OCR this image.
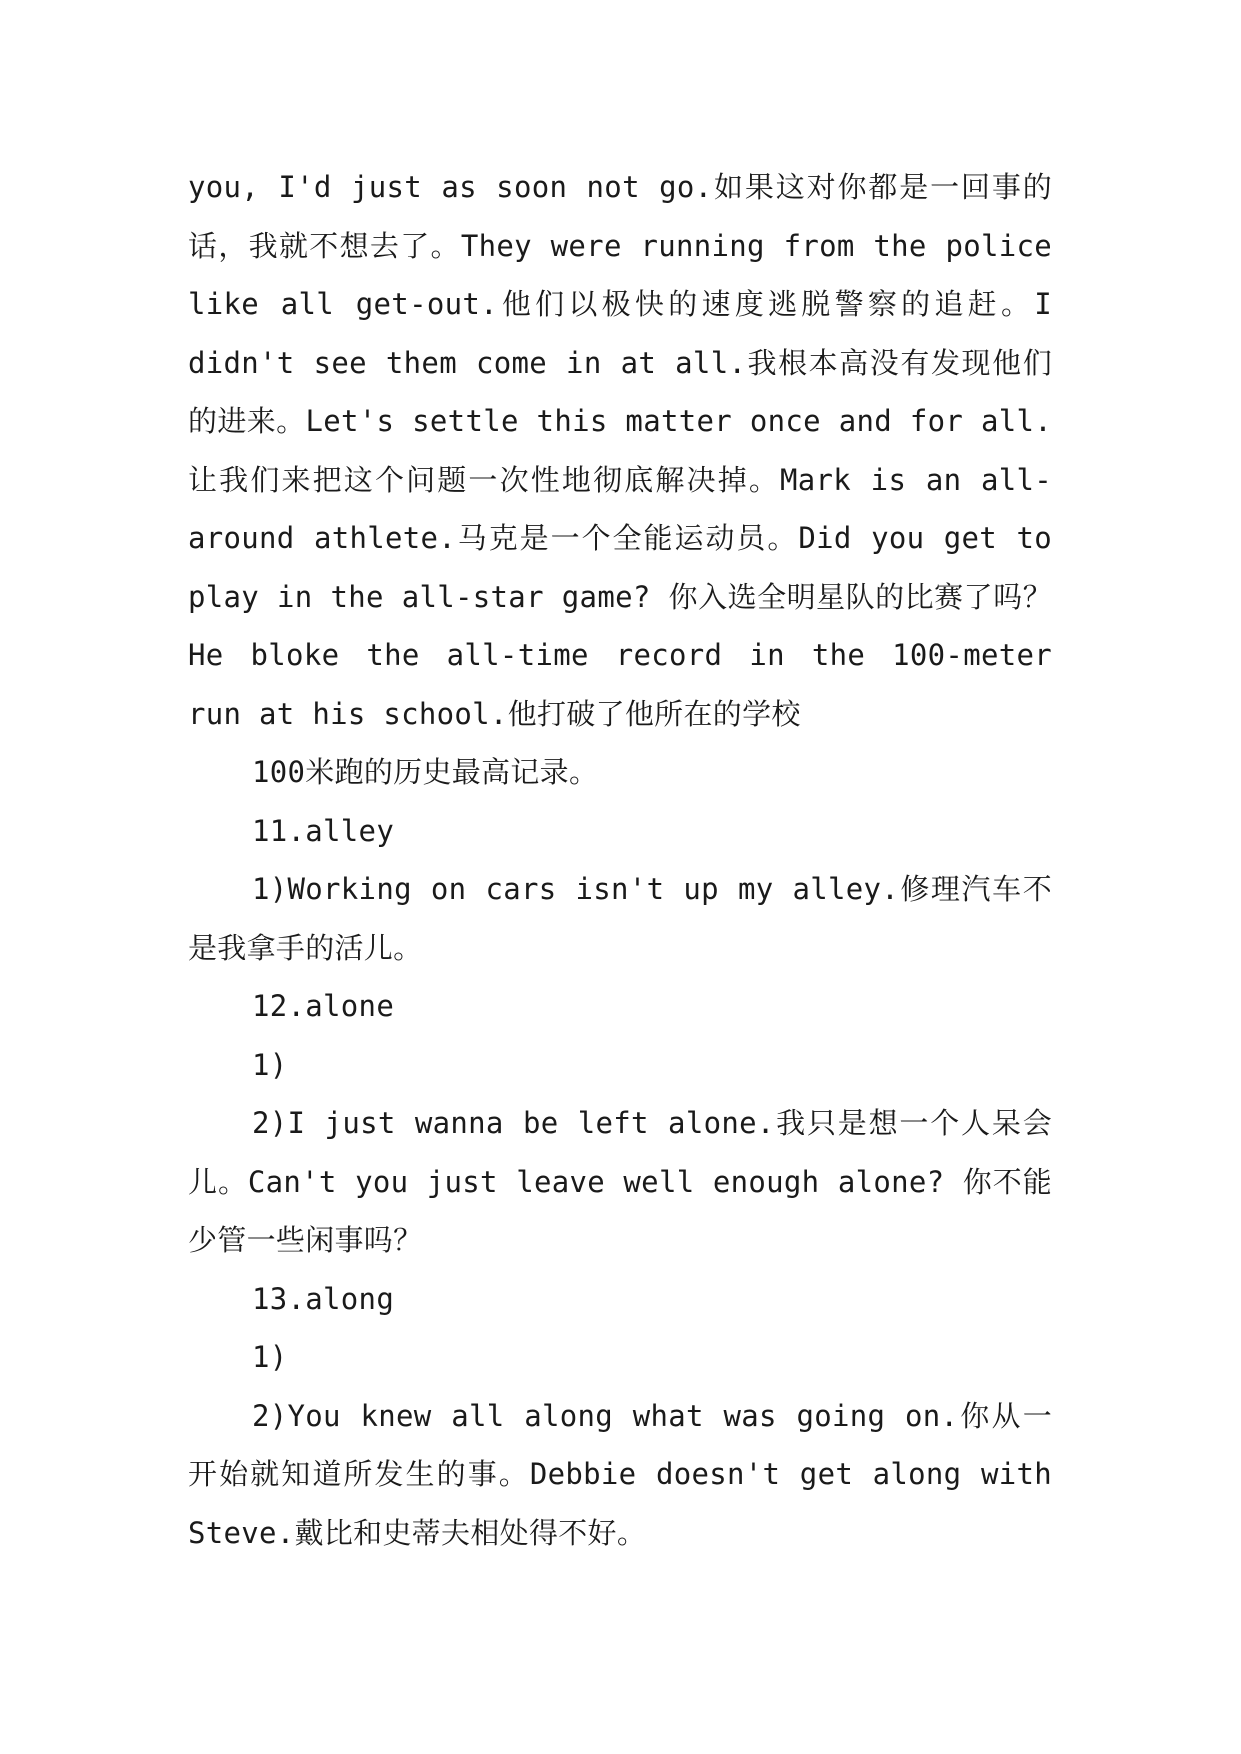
you, I'd just as soon not go.如果这对你都是一回事的话，我就不想去了。They were running from the police like all get-out.他们以极快的速度逃脱警察的追赶。I didn't see them come in at all.我根本高没有发现他们的进来。Let's settle this matter once and for all.让我们来把这个问题一次性地彻底解决掉。Mark is an all-around athlete.马克是一个全能运动员。Did you get to play in the all-star game? 你入选全明星队的比赛了吗？He bloke the all-time record in the 100-meter run at his school.他打破了他所在的学校

100米跑的历史最高记录。

11.alley

1)Working on cars isn't up my alley.修理汽车不是我拿手的活儿。

12.alone

1)

2)I just wanna be left alone.我只是想一个人呆会儿。Can't you just leave well enough alone? 你不能少管一些闲事吗？

13.along

1)

2)You knew all along what was going on.你从一开始就知道所发生的事。Debbie doesn't get along with Steve.戴比和史蒂夫相处得不好。
